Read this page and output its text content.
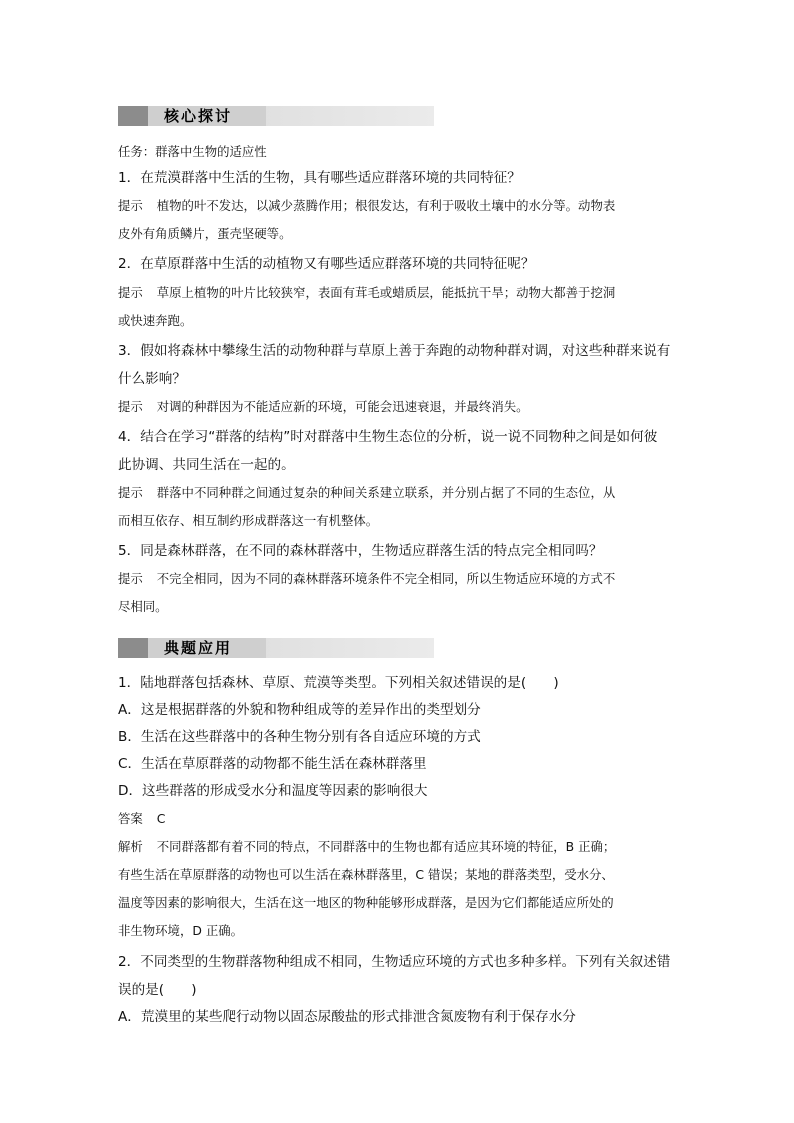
核心探讨
任务：群落中生物的适应性
1．在荒漠群落中生活的生物，具有哪些适应群落环境的共同特征？
提示 植物的叶不发达，以减少蒸腾作用；根很发达，有利于吸收土壤中的水分等。动物表
皮外有角质鳞片，蛋壳坚硬等。
2．在草原群落中生活的动植物又有哪些适应群落环境的共同特征呢？
提示 草原上植物的叶片比较狭窄，表面有茸毛或蜡质层，能抵抗干旱；动物大都善于挖洞
或快速奔跑。
3．假如将森林中攀缘生活的动物种群与草原上善于奔跑的动物种群对调，对这些种群来说有
什么影响？
提示 对调的种群因为不能适应新的环境，可能会迅速衰退，并最终消失。
4．结合在学习“群落的结构”时对群落中生物生态位的分析，说一说不同物种之间是如何彼
此协调、共同生活在一起的。
提示 群落中不同种群之间通过复杂的种间关系建立联系，并分别占据了不同的生态位，从
而相互依存、相互制约形成群落这一有机整体。
5．同是森林群落，在不同的森林群落中，生物适应群落生活的特点完全相同吗？
提示 不完全相同，因为不同的森林群落环境条件不完全相同，所以生物适应环境的方式不
尽相同。
典题应用
1．陆地群落包括森林、草原、荒漠等类型。下列相关叙述错误的是(　　)
A．这是根据群落的外貌和物种组成等的差异作出的类型划分
B．生活在这些群落中的各种生物分别有各自适应环境的方式
C．生活在草原群落的动物都不能生活在森林群落里
D．这些群落的形成受水分和温度等因素的影响很大
答案 C
解析 不同群落都有着不同的特点，不同群落中的生物也都有适应其环境的特征，B 正确；
有些生活在草原群落的动物也可以生活在森林群落里，C 错误；某地的群落类型，受水分、
温度等因素的影响很大，生活在这一地区的物种能够形成群落，是因为它们都能适应所处的
非生物环境，D 正确。
2．不同类型的生物群落物种组成不相同，生物适应环境的方式也多种多样。下列有关叙述错
误的是(　　)
A．荒漠里的某些爬行动物以固态尿酸盐的形式排泄含氮废物有利于保存水分
